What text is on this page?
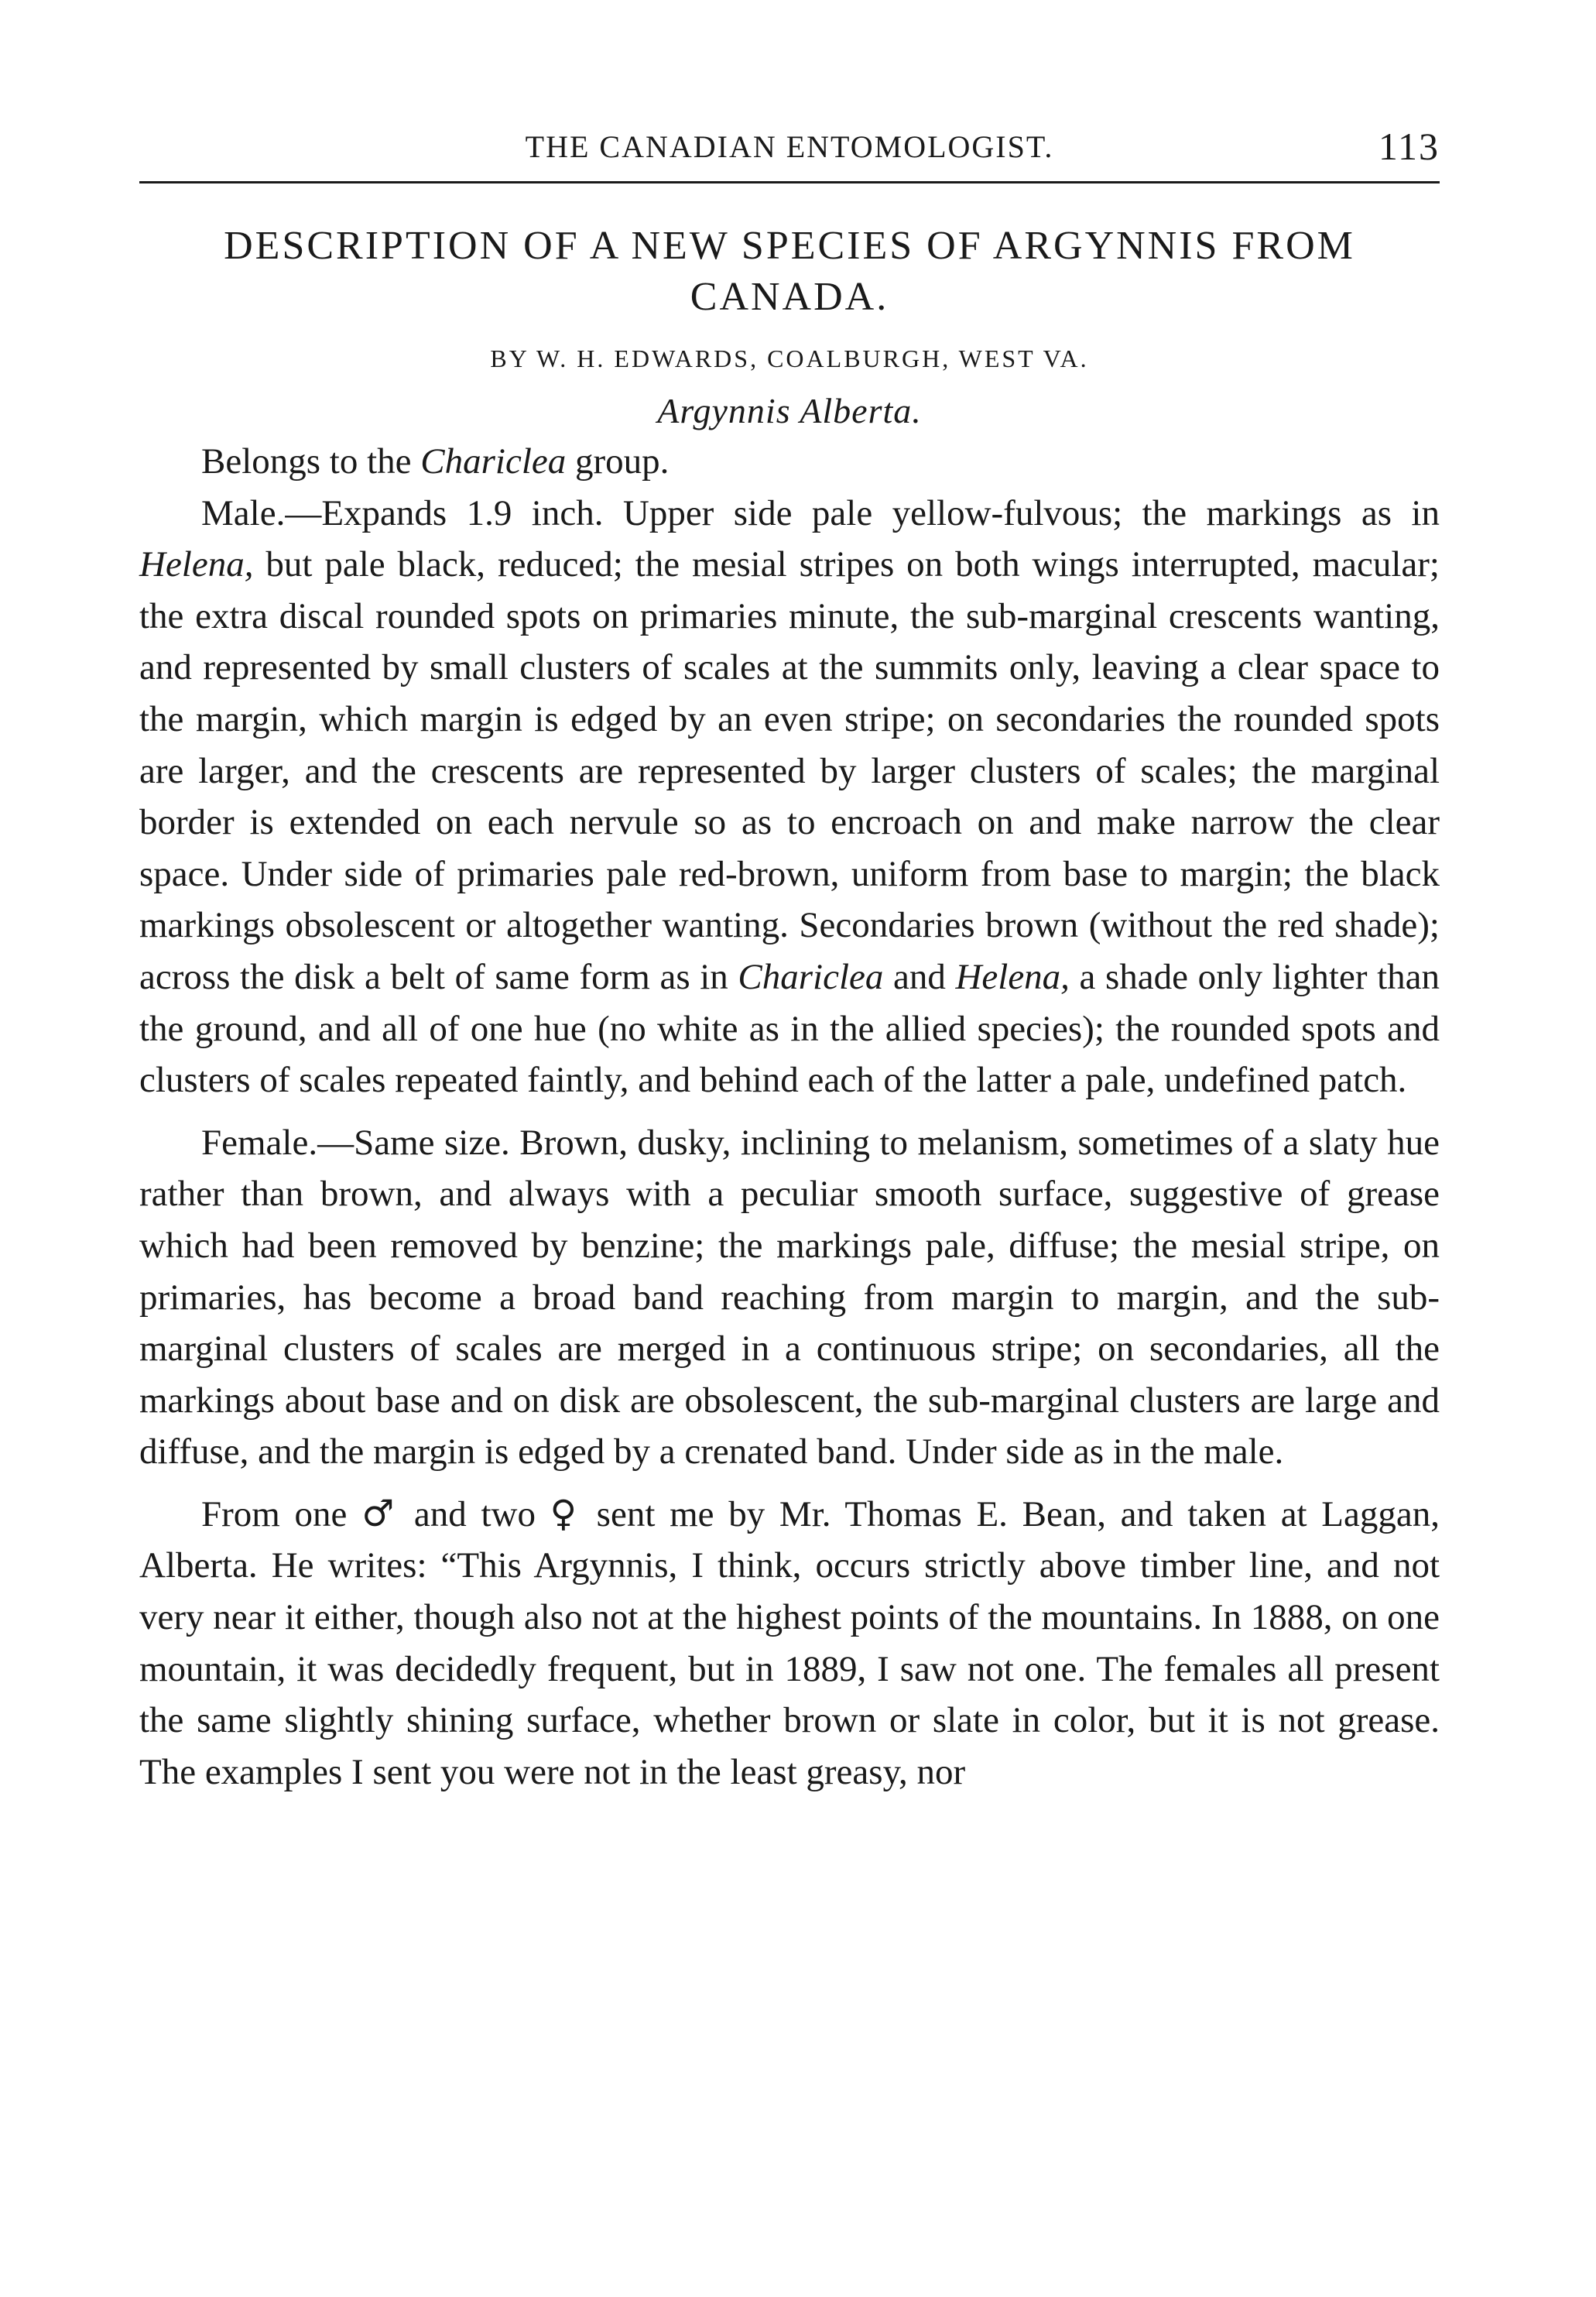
THE CANADIAN ENTOMOLOGIST.	113
DESCRIPTION OF A NEW SPECIES OF ARGYNNIS FROM CANADA.
BY W. H. EDWARDS, COALBURGH, WEST VA.
Argynnis Alberta.

Belongs to the Chariclea group.

Male.—Expands 1.9 inch. Upper side pale yellow-fulvous; the markings as in Helena, but pale black, reduced; the mesial stripes on both wings interrupted, macular; the extra discal rounded spots on primaries minute, the sub-marginal crescents wanting, and represented by small clusters of scales at the summits only, leaving a clear space to the margin, which margin is edged by an even stripe; on secondaries the rounded spots are larger, and the crescents are represented by larger clusters of scales; the marginal border is extended on each nervule so as to encroach on and make narrow the clear space. Under side of primaries pale red-brown, uniform from base to margin; the black markings obsolescent or altogether wanting. Secondaries brown (without the red shade); across the disk a belt of same form as in Chariclea and Helena, a shade only lighter than the ground, and all of one hue (no white as in the allied species); the rounded spots and clusters of scales repeated faintly, and behind each of the latter a pale, undefined patch.

Female.—Same size. Brown, dusky, inclining to melanism, sometimes of a slaty hue rather than brown, and always with a peculiar smooth surface, suggestive of grease which had been removed by benzine; the markings pale, diffuse; the mesial stripe, on primaries, has become a broad band reaching from margin to margin, and the sub-marginal clusters of scales are merged in a continuous stripe; on secondaries, all the markings about base and on disk are obsolescent, the sub-marginal clusters are large and diffuse, and the margin is edged by a crenated band. Under side as in the male.

From one ♂ and two ♀ sent me by Mr. Thomas E. Bean, and taken at Laggan, Alberta. He writes: “This Argynnis, I think, occurs strictly above timber line, and not very near it either, though also not at the highest points of the mountains. In 1888, on one mountain, it was decidedly frequent, but in 1889, I saw not one. The females all present the same slightly shining surface, whether brown or slate in color, but it is not grease. The examples I sent you were not in the least greasy, nor
